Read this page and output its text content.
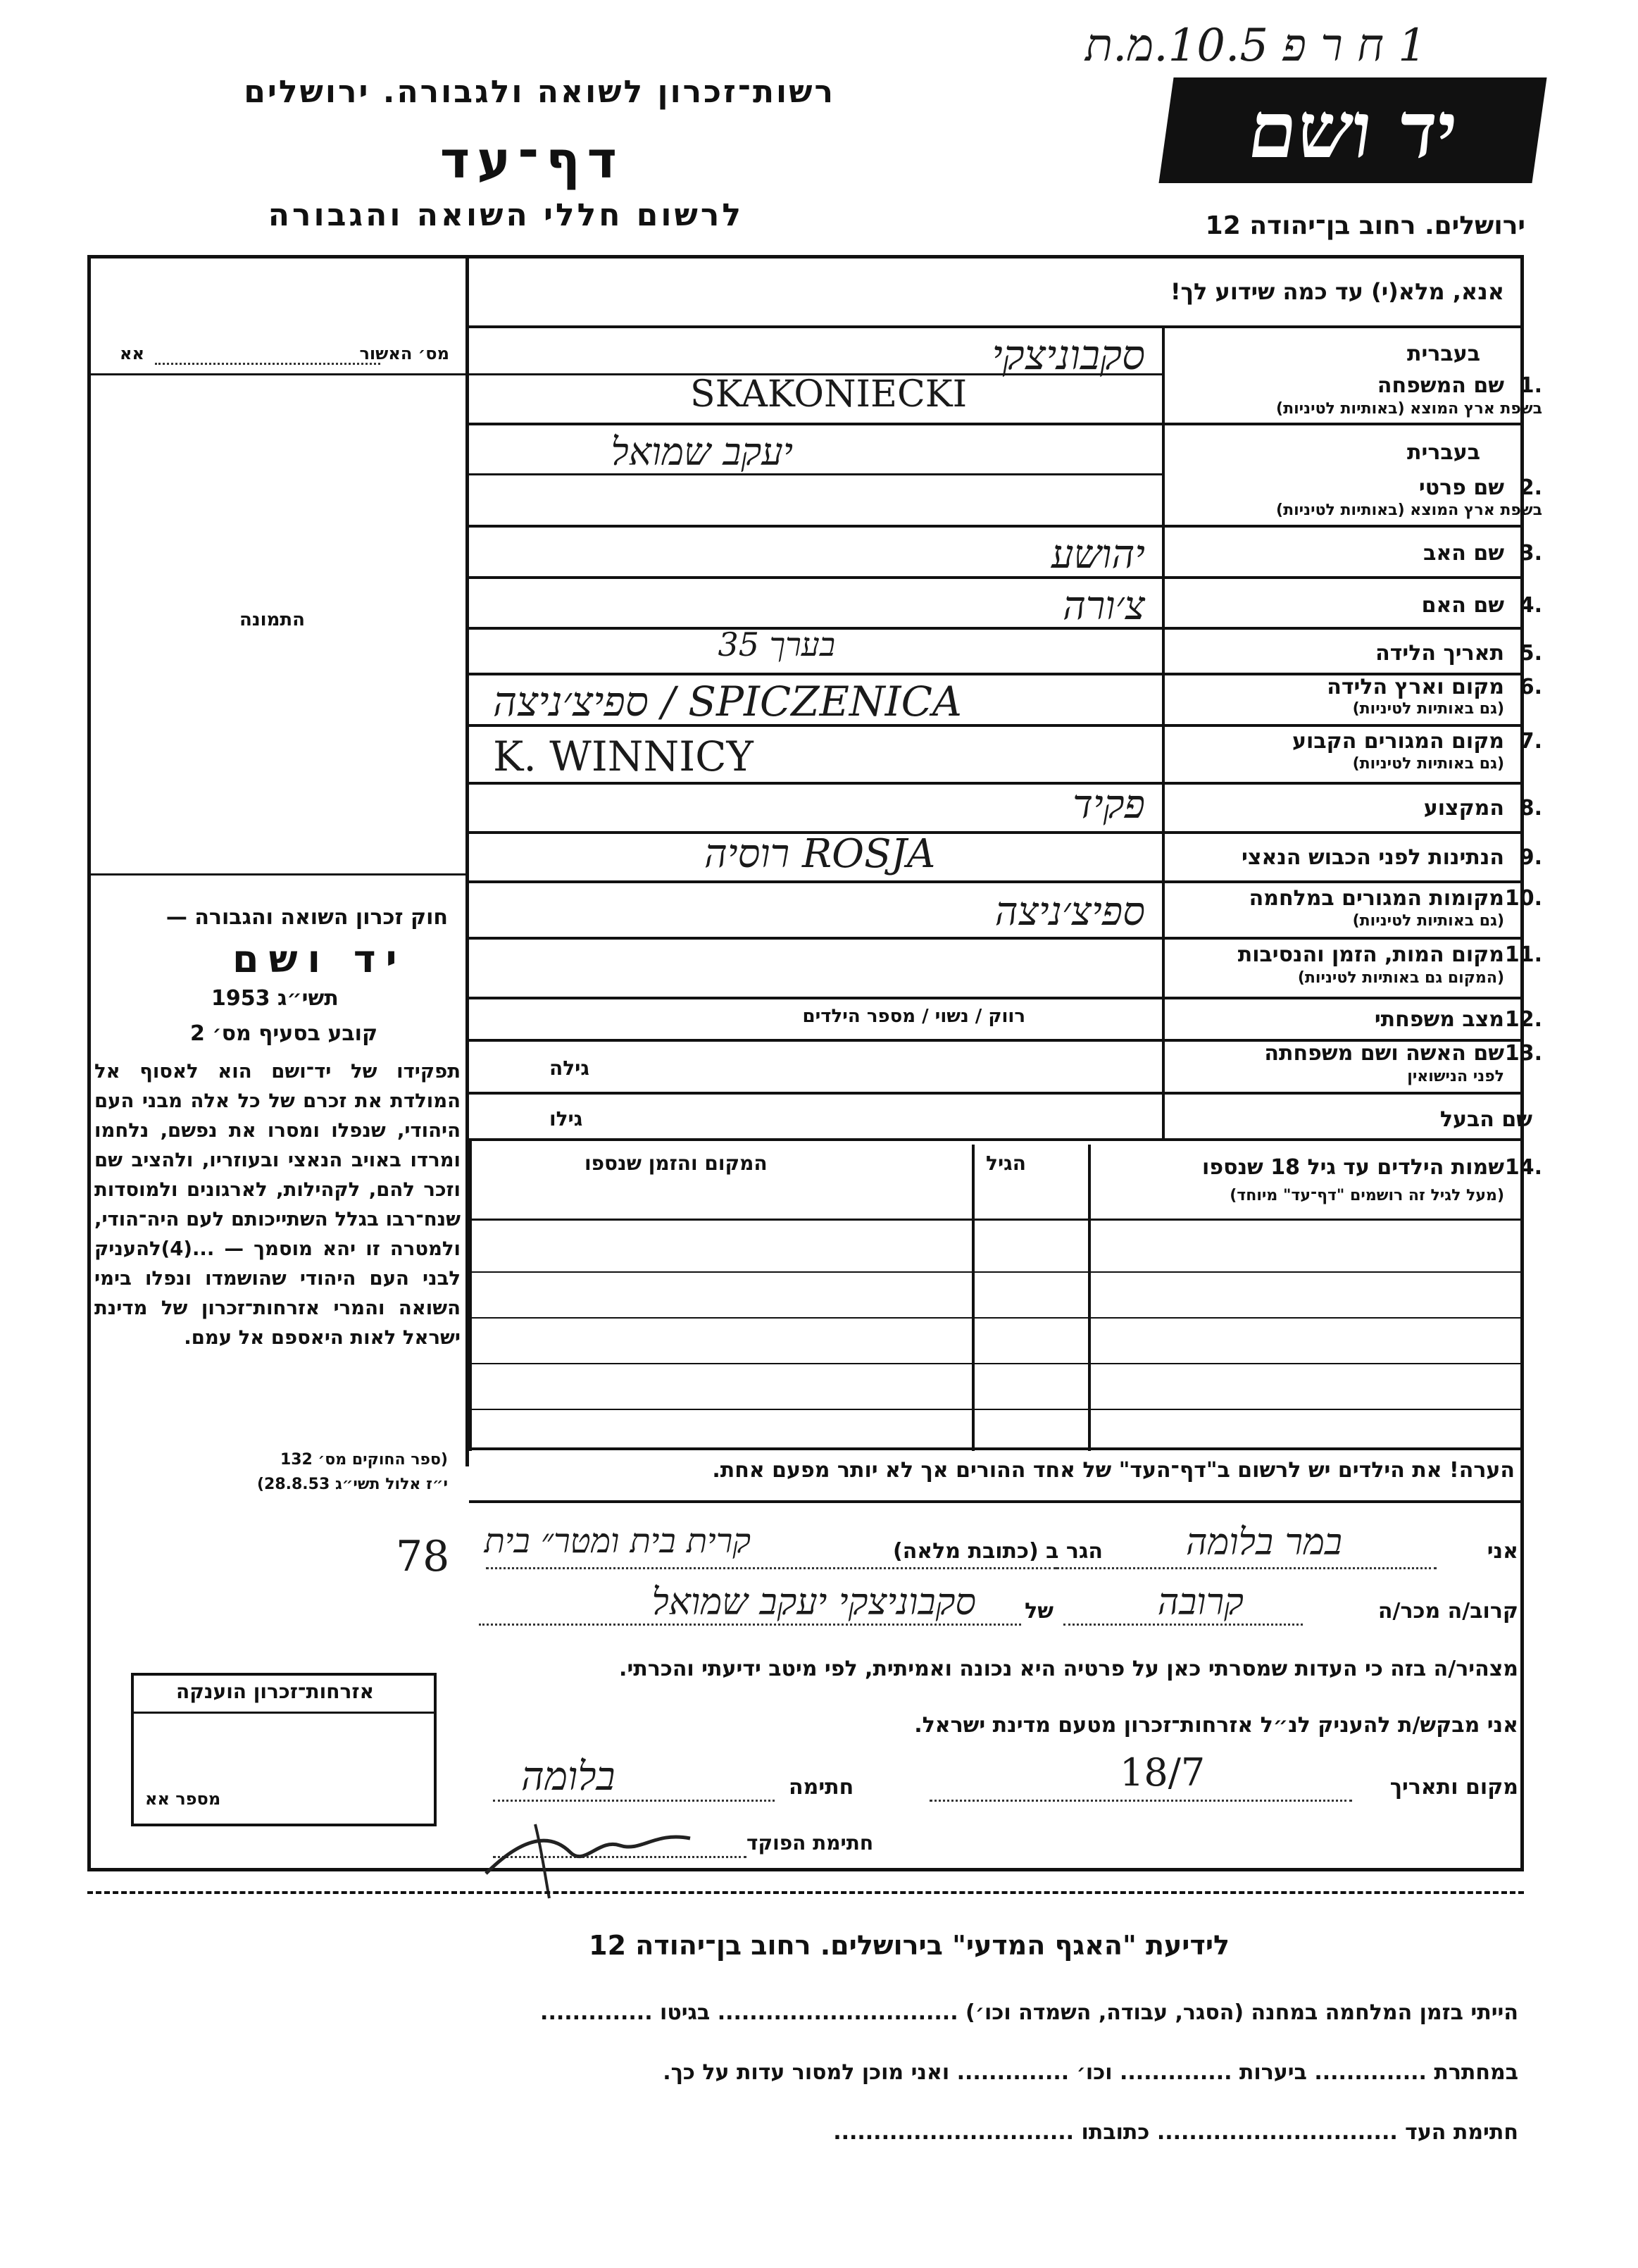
1 ח ר פ 10.5.מ.ת
רשות־זכרון לשואה ולגבורה. ירושלים
דף־עד
לרשום חללי השואה והגבורה
יד ושם
ירושלים. רחוב בן־יהודה 12
אנא, מלא(י) עד כמה שידוע לך!
מס׳ האשור
אא
התמונה
חוק זכרון השואה והגבורה —
יד ושם
תשי״ג 1953
קובע בסעיף מס׳ 2
תפקידו של יד־ושם הוא לאסוף אל המולדת את זכרם של כל אלה מבני העם היהודי, שנפלו ומסרו את נפשם, נלחמו ומרדו באויב הנאצי ובעוזריו, ולהציב שם וזכר להם, לקהילות, לארגונים ולמוסדות שנח־רבו בגלל השתייכותם לעם היה־הודי, ולמטרה זו יהא מוסמך — ...(4)להעניק לבני העם היהודי שהושמדו ונפלו בימי השואה והמרי אזרחות־זכרון של מדינת ישראל לאות היאספם אל עמם.
(ספר החוקים מס׳ 132
י״ז אלול תשי״ג 28.8.53)
אזרחות־זכרון הוענקה
מספר אא
בעברית
1.
שם המשפחה
בשפת ארץ המוצא (באותיות לטיניות)
סקבוניצקי
SKAKONIECKI
בעברית
2.
שם פרטי
בשפת ארץ המוצא (באותיות לטיניות)
יעקב שמואל
3.
שם האב
יהושע
4.
שם האם
צ׳ורה
5.
תאריך הלידה
בערך 35
6.
מקום וארץ הלידה
(גם באותיות לטיניות)
ספיצ׳ניצה / SPICZENICA
7.
מקום המגורים הקבוע
(גם באותיות לטיניות)
K. WINNICY
8.
המקצוע
פקיד
9.
הנתינות לפני הכבוש הנאצי
רוסיה ROSJA
10.
מקומות המגורים במלחמה
(גם באותיות לטיניות)
ספיצ׳ניצה
11.
מקום המות, הזמן והנסיבות
(המקום גם באותיות לטיניות)
12.
מצב משפחתי
רווק / נשוי / מספר הילדים
13.
שם האשה ושם משפחתה
לפני הנישואין
גילה
שם הבעל
גילו
14.
שמות הילדים עד גיל 18 שנספו
(מעל לגיל זה רושמים "דף־עד" מיוחד)
הגיל
המקום והזמן שנספו
הערה! את הילדים יש לרשום ב"דף־העד" של אחד ההורים אך לא יותר מפעם אחת.
78	אני
במר בלומה
הגר ב (כתובת מלאה)
קרית בית ומטר״ בית
קרוב/ה מכר/ה
קרובה
של
סקבוניצקי יעקב שמואל
מצהיר/ה בזה כי העדות שמסרתי כאן על פרטיה היא נכונה ואמיתית, לפי מיטב ידיעתי והכרתי.
אני מבקש/ת להעניק לנ״ל אזרחות־זכרון מטעם מדינת ישראל.
מקום ותאריך
18/7
חתימה
בלומה
חתימת הפוקד
לידיעת "האגף המדעי" בירושלים. רחוב בן־יהודה 12
הייתי בזמן המלחמה במחנה (הסגר, עבודה, השמדה וכו׳) .............................. בגיטו ..............
במחתרת .............. ביערות .............. וכו׳ .............. ואני מוכן למסור עדות על כך.
חתימת העד .............................. כתובתו ..............................
